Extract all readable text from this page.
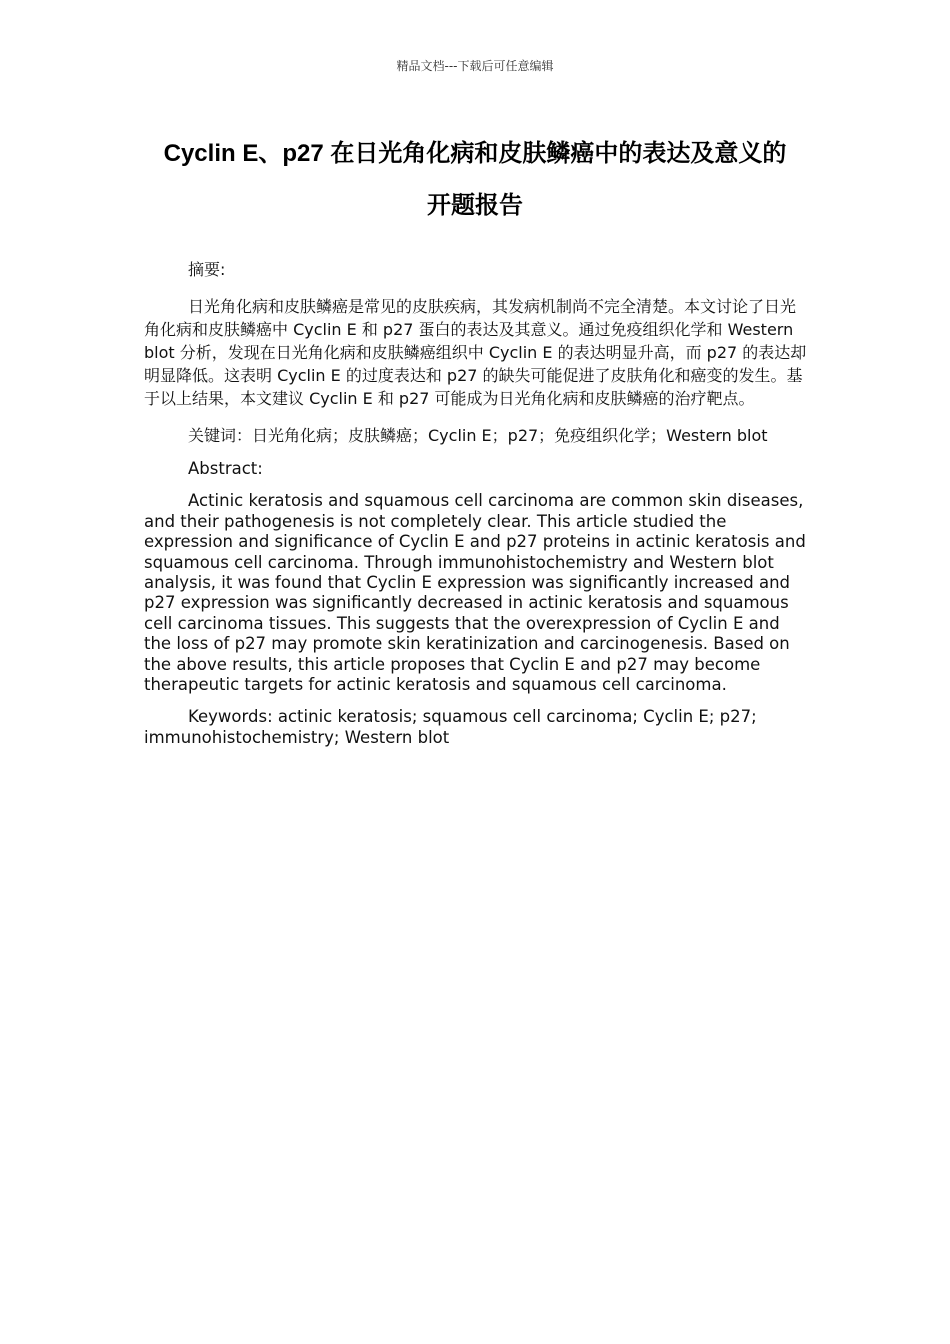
精品文档---下载后可任意编辑
Cyclin E、p27 在日光角化病和皮肤鳞癌中的表达及意义的
开题报告

摘要:

日光角化病和皮肤鳞癌是常见的皮肤疾病，其发病机制尚不完全清楚。本文讨论了日光角化病和皮肤鳞癌中 Cyclin E 和 p27 蛋白的表达及其意义。通过免疫组织化学和 Western blot 分析，发现在日光角化病和皮肤鳞癌组织中 Cyclin E 的表达明显升高，而 p27 的表达却明显降低。这表明 Cyclin E 的过度表达和 p27 的缺失可能促进了皮肤角化和癌变的发生。基于以上结果，本文建议 Cyclin E 和 p27 可能成为日光角化病和皮肤鳞癌的治疗靶点。

关键词：日光角化病；皮肤鳞癌；Cyclin E；p27；免疫组织化学；Western blot

Abstract:

Actinic keratosis and squamous cell carcinoma are common skin diseases, and their pathogenesis is not completely clear. This article studied the expression and significance of Cyclin E and p27 proteins in actinic keratosis and squamous cell carcinoma. Through immunohistochemistry and Western blot analysis, it was found that Cyclin E expression was significantly increased and p27 expression was significantly decreased in actinic keratosis and squamous cell carcinoma tissues. This suggests that the overexpression of Cyclin E and the loss of p27 may promote skin keratinization and carcinogenesis. Based on the above results, this article proposes that Cyclin E and p27 may become therapeutic targets for actinic keratosis and squamous cell carcinoma.

Keywords: actinic keratosis; squamous cell carcinoma; Cyclin E; p27; immunohistochemistry; Western blot
